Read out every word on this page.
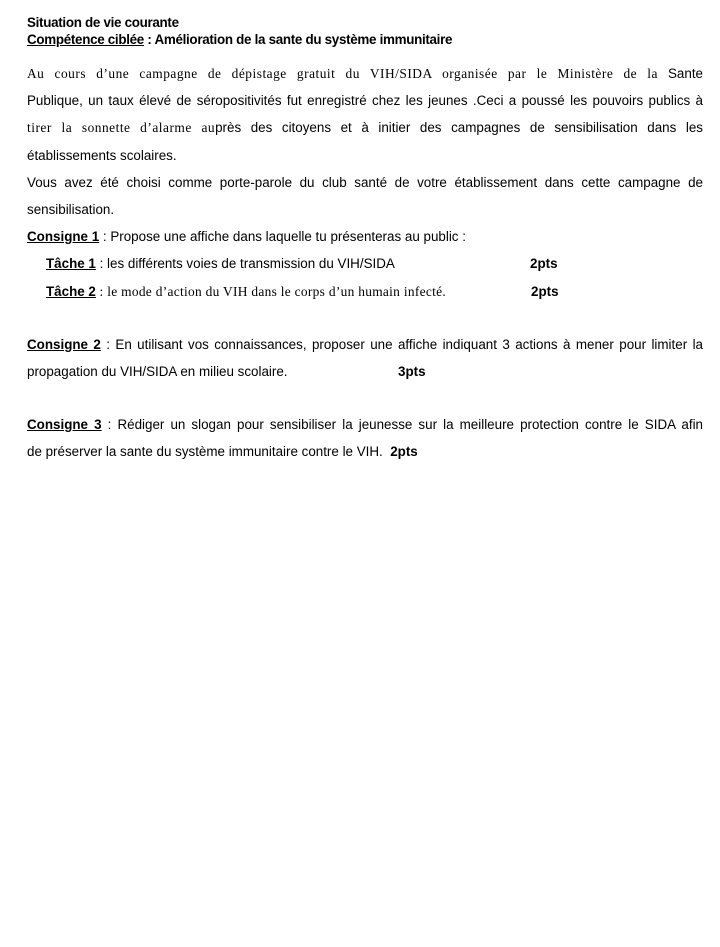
Situation de vie courante
Compétence ciblée : Amélioration de la sante du système immunitaire
Au cours d’une campagne de dépistage gratuit du VIH/SIDA organisée par le Ministère de la Sante
Publique, un taux élevé de séropositivités fut enregistré chez les jeunes .Ceci a poussé les pouvoirs publics à
tirer la sonnette d’alarme auprès des citoyens et à initier des campagnes de sensibilisation dans les
établissements scolaires.
Vous avez été choisi comme porte-parole du club santé de votre établissement dans cette campagne de
sensibilisation.
Consigne 1 : Propose une affiche dans laquelle tu présenteras au public :
Tâche 1 : les différents voies de transmission du VIH/SIDA	2pts
Tâche 2 : le mode d’action du VIH dans le corps d’un humain infecté.	2pts
Consigne 2 : En utilisant vos connaissances, proposer une affiche indiquant 3 actions à mener pour limiter la
propagation du VIH/SIDA en milieu scolaire.	3pts
Consigne 3 : Rédiger un slogan pour sensibiliser la jeunesse sur la meilleure protection contre le SIDA afin
de préserver la sante du système immunitaire contre le VIH. 2pts
